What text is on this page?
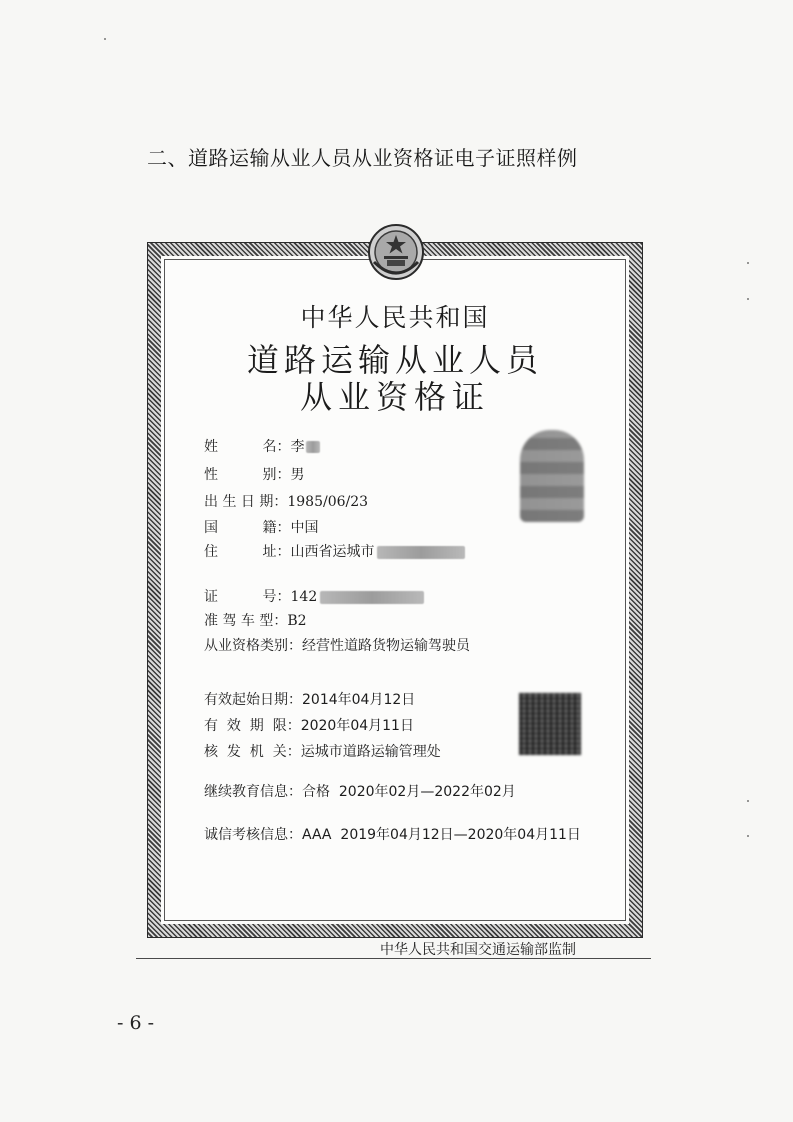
二、道路运输从业人员从业资格证电子证照样例
中华人民共和国
道路运输从业人员
从业资格证
姓          名：李
性          别：男
出 生 日 期：1985/06/23
国          籍：中国
住          址：山西省运城市
证          号：142
准 驾 车 型：B2
从业资格类别：经营性道路货物运输驾驶员
有效起始日期：2014年04月12日
有  效  期  限：2020年04月11日
核  发  机  关：运城市道路运输管理处
继续教育信息：合格  2020年02月—2022年02月
诚信考核信息：AAA  2019年04月12日—2020年04月11日
中华人民共和国交通运输部监制
- 6 -
